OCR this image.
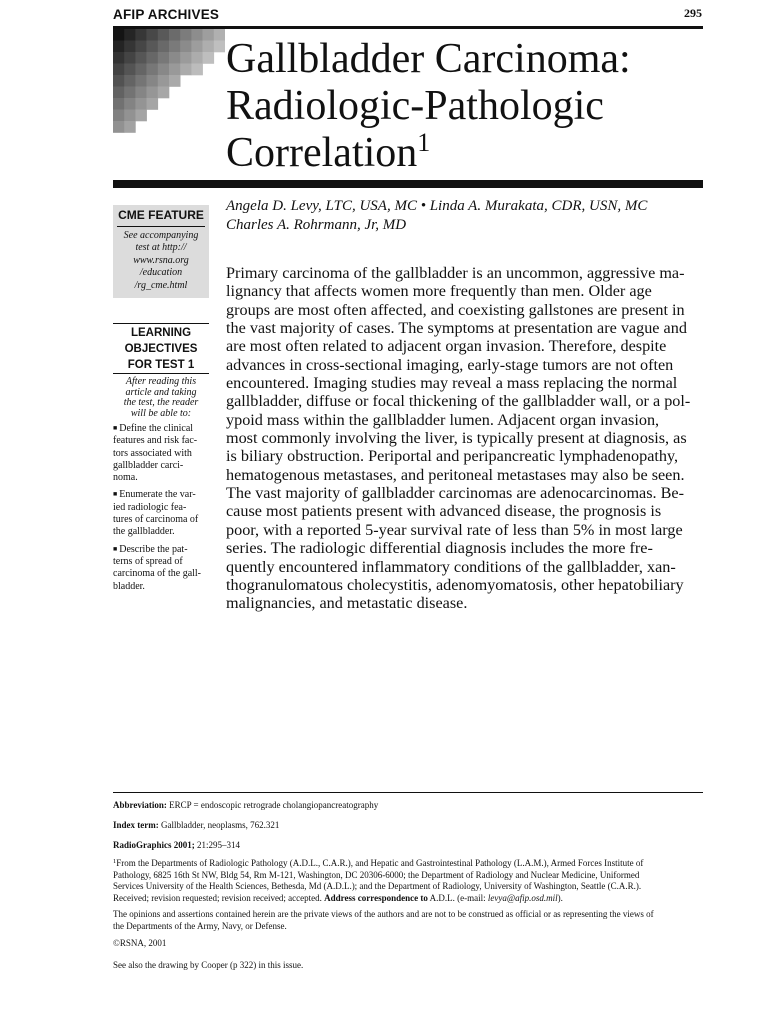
AFIP ARCHIVES	295
Gallbladder Carcinoma:
Radiologic-Pathologic
Correlation$^1$
Angela D. Levy, LTC, USA, MC • Linda A. Murakata, CDR, USN, MC
Charles A. Rohrmann, Jr, MD
CME FEATURE
See accompanying
test at http://
www.rsna.org
/education
/rg_cme.html
LEARNING
OBJECTIVES
FOR TEST 1
After reading this
article and taking
the test, the reader
will be able to:
■ Define the clinical
features and risk fac-
tors associated with
gallbladder carci-
noma.
■ Enumerate the var-
ied radiologic fea-
tures of carcinoma of
the gallbladder.
■ Describe the pat-
terns of spread of
carcinoma of the gall-
bladder.
Primary carcinoma of the gallbladder is an uncommon, aggressive ma-
lignancy that affects women more frequently than men. Older age
groups are most often affected, and coexisting gallstones are present in
the vast majority of cases. The symptoms at presentation are vague and
are most often related to adjacent organ invasion. Therefore, despite
advances in cross-sectional imaging, early-stage tumors are not often
encountered. Imaging studies may reveal a mass replacing the normal
gallbladder, diffuse or focal thickening of the gallbladder wall, or a pol-
ypoid mass within the gallbladder lumen. Adjacent organ invasion,
most commonly involving the liver, is typically present at diagnosis, as
is biliary obstruction. Periportal and peripancreatic lymphadenopathy,
hematogenous metastases, and peritoneal metastases may also be seen.
The vast majority of gallbladder carcinomas are adenocarcinomas. Be-
cause most patients present with advanced disease, the prognosis is
poor, with a reported 5-year survival rate of less than 5% in most large
series. The radiologic differential diagnosis includes the more fre-
quently encountered inflammatory conditions of the gallbladder, xan-
thogranulomatous cholecystitis, adenomyomatosis, other hepatobiliary
malignancies, and metastatic disease.

Abbreviation: ERCP = endoscopic retrograde cholangiopancreatography

Index term: Gallbladder, neoplasms, 762.321

RadioGraphics 2001; 21:295–314

$^1$From the Departments of Radiologic Pathology (A.D.L., C.A.R.), and Hepatic and Gastrointestinal Pathology (L.A.M.), Armed Forces Institute of
Pathology, 6825 16th St NW, Bldg 54, Rm M-121, Washington, DC 20306-6000; the Department of Radiology and Nuclear Medicine, Uniformed
Services University of the Health Sciences, Bethesda, Md (A.D.L.); and the Department of Radiology, University of Washington, Seattle (C.A.R.).
Received; revision requested; revision received; accepted. Address correspondence to A.D.L. (e-mail: levya@afip.osd.mil).

The opinions and assertions contained herein are the private views of the authors and are not to be construed as official or as representing the views of
the Departments of the Army, Navy, or Defense.

©RSNA, 2001

See also the drawing by Cooper (p 322) in this issue.
